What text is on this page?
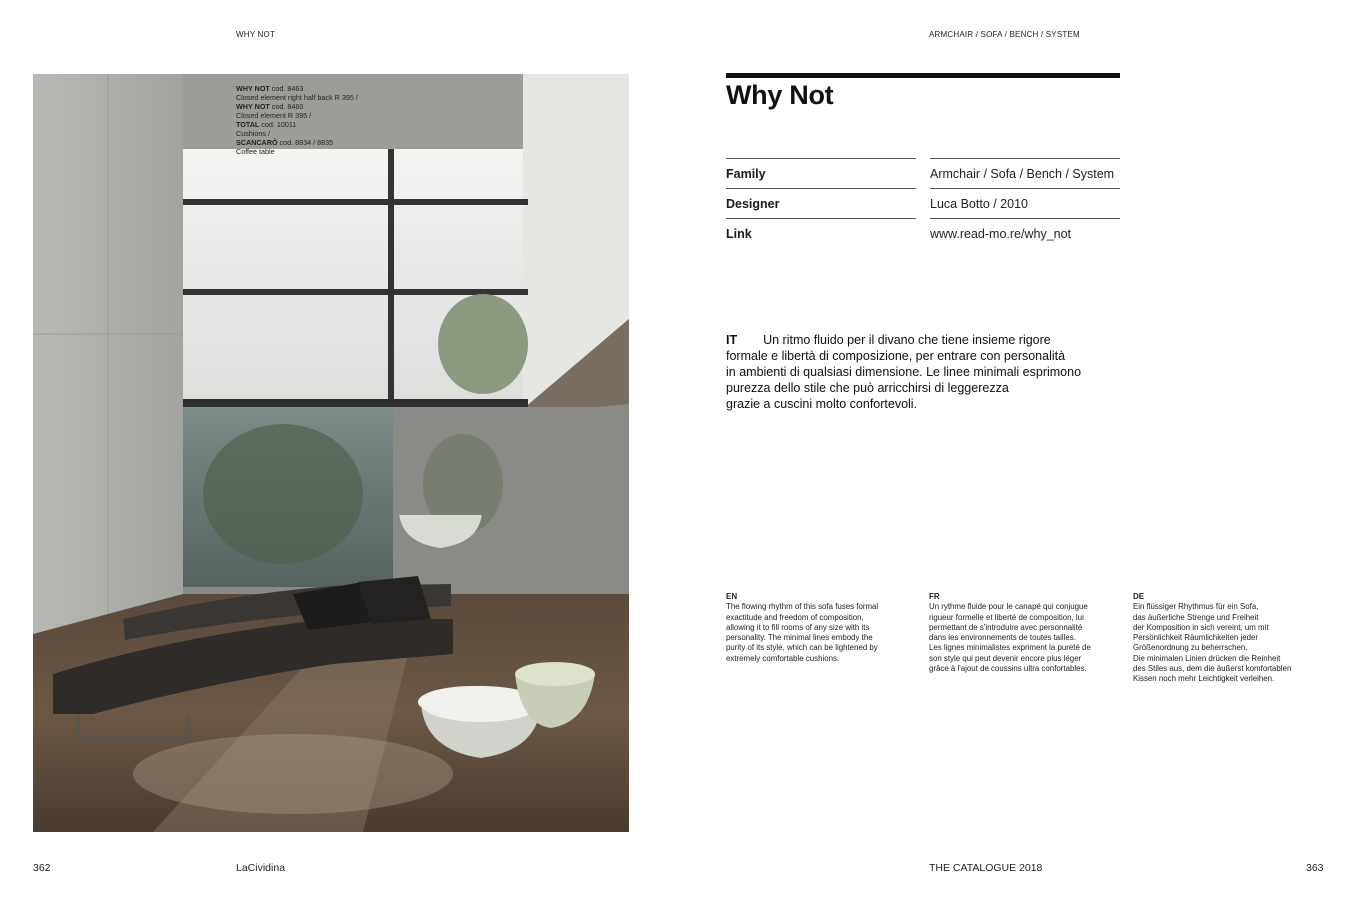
WHY NOT
WHY NOT cod. 8463
Closed element right half back R 395 /
WHY NOT cod. 8460
Closed element R 395 /
TOTAL cod. 10011
Cushions /
SCANCARÒ cod. 8834 / 8835
Coffee table
362	LaCividina
ARMCHAIR / SOFA / BENCH / SYSTEM
Why Not
Family	Armchair / Sofa / Bench / System
Designer	Luca Botto / 2010
Link	www.read-mo.re/why_not
IT Un ritmo fluido per il divano che tiene insieme rigore
formale e libertà di composizione, per entrare con personalità
in ambienti di qualsiasi dimensione. Le linee minimali esprimono
purezza dello stile che può arricchirsi di leggerezza
grazie a cuscini molto confortevoli.
EN
The flowing rhythm of this sofa fuses formal
exactitude and freedom of composition,
allowing it to fill rooms of any size with its
personality. The minimal lines embody the
purity of its style, which can be lightened by
extremely comfortable cushions.
FR
Un rythme fluide pour le canapé qui conjugue
rigueur formelle et liberté de composition, lui
permettant de s'introduire avec personnalité
dans les environnements de toutes tailles.
Les lignes minimalistes expriment la pureté de
son style qui peut devenir encore plus léger
grâce à l'ajout de coussins ultra confortables.
DE
Ein flüssiger Rhythmus für ein Sofa,
das äußerliche Strenge und Freiheit
der Komposition in sich vereint, um mit
Persönlichkeit Räumlichkeiten jeder
Größenordnung zu beherrschen.
Die minimalen Linien drücken die Reinheit
des Stiles aus, dem die äußerst komfortablen
Kissen noch mehr Leichtigkeit verleihen.
THE CATALOGUE 2018	363
